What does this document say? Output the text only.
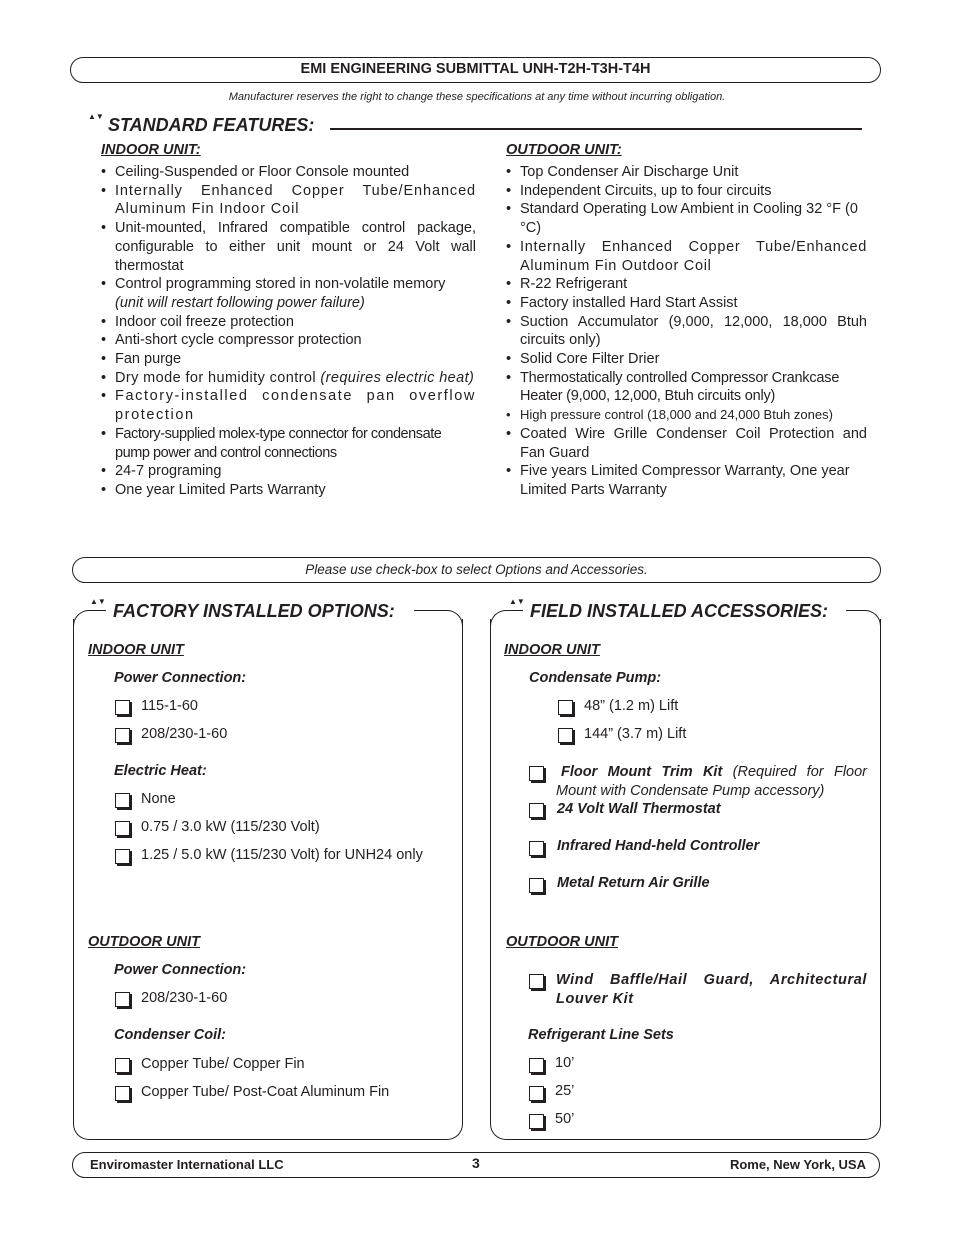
EMI ENGINEERING SUBMITTAL UNH-T2H-T3H-T4H
Manufacturer reserves the right to change these specifications at any time without incurring obligation.
▲▼ STANDARD FEATURES:
INDOOR UNIT:
• Ceiling-Suspended or Floor Console mounted
• Internally Enhanced Copper Tube/Enhanced Aluminum Fin Indoor Coil
• Unit-mounted, Infrared compatible control package, configurable to either unit mount or 24 Volt wall thermostat
• Control programming stored in non-volatile memory
(unit will restart following power failure)
• Indoor coil freeze protection
• Anti-short cycle compressor protection
• Fan purge
• Dry mode for humidity control (requires electric heat)
• Factory-installed condensate pan overflow protection
• Factory-supplied molex-type connector for condensate pump power and control connections
• 24-7 programing
• One year Limited Parts Warranty
OUTDOOR UNIT:
• Top Condenser Air Discharge Unit
• Independent Circuits, up to four circuits
• Standard Operating Low Ambient in Cooling 32 °F (0 °C)
• Internally Enhanced Copper Tube/Enhanced Aluminum Fin Outdoor Coil
• R-22 Refrigerant
• Factory installed Hard Start Assist
• Suction Accumulator (9,000, 12,000, 18,000 Btuh circuits only)
• Solid Core Filter Drier
• Thermostatically controlled Compressor Crankcase Heater (9,000, 12,000, Btuh circuits only)
• High pressure control (18,000 and 24,000 Btuh zones)
• Coated Wire Grille Condenser Coil Protection and Fan Guard
• Five years Limited Compressor Warranty, One year Limited Parts Warranty
Please use check-box to select Options and Accessories.
▲▼ FACTORY INSTALLED OPTIONS:
INDOOR UNIT
Power Connection:
115-1-60
208/230-1-60
Electric Heat:
None
0.75 / 3.0 kW (115/230 Volt)
1.25 / 5.0 kW (115/230 Volt) for UNH24 only
OUTDOOR UNIT
Power Connection:
208/230-1-60
Condenser Coil:
Copper Tube/ Copper Fin
Copper Tube/ Post-Coat Aluminum Fin
▲▼ FIELD INSTALLED ACCESSORIES:
INDOOR UNIT
Condensate Pump:
48” (1.2 m) Lift
144” (3.7 m) Lift
Floor Mount Trim Kit (Required for Floor Mount with Condensate Pump accessory)
24 Volt Wall Thermostat
Infrared Hand-held Controller
Metal Return Air Grille
OUTDOOR UNIT
Wind Baffle/Hail Guard, Architectural Louver Kit
Refrigerant Line Sets
10’
25’
50’
Enviromaster International LLC	3	Rome, New York, USA
